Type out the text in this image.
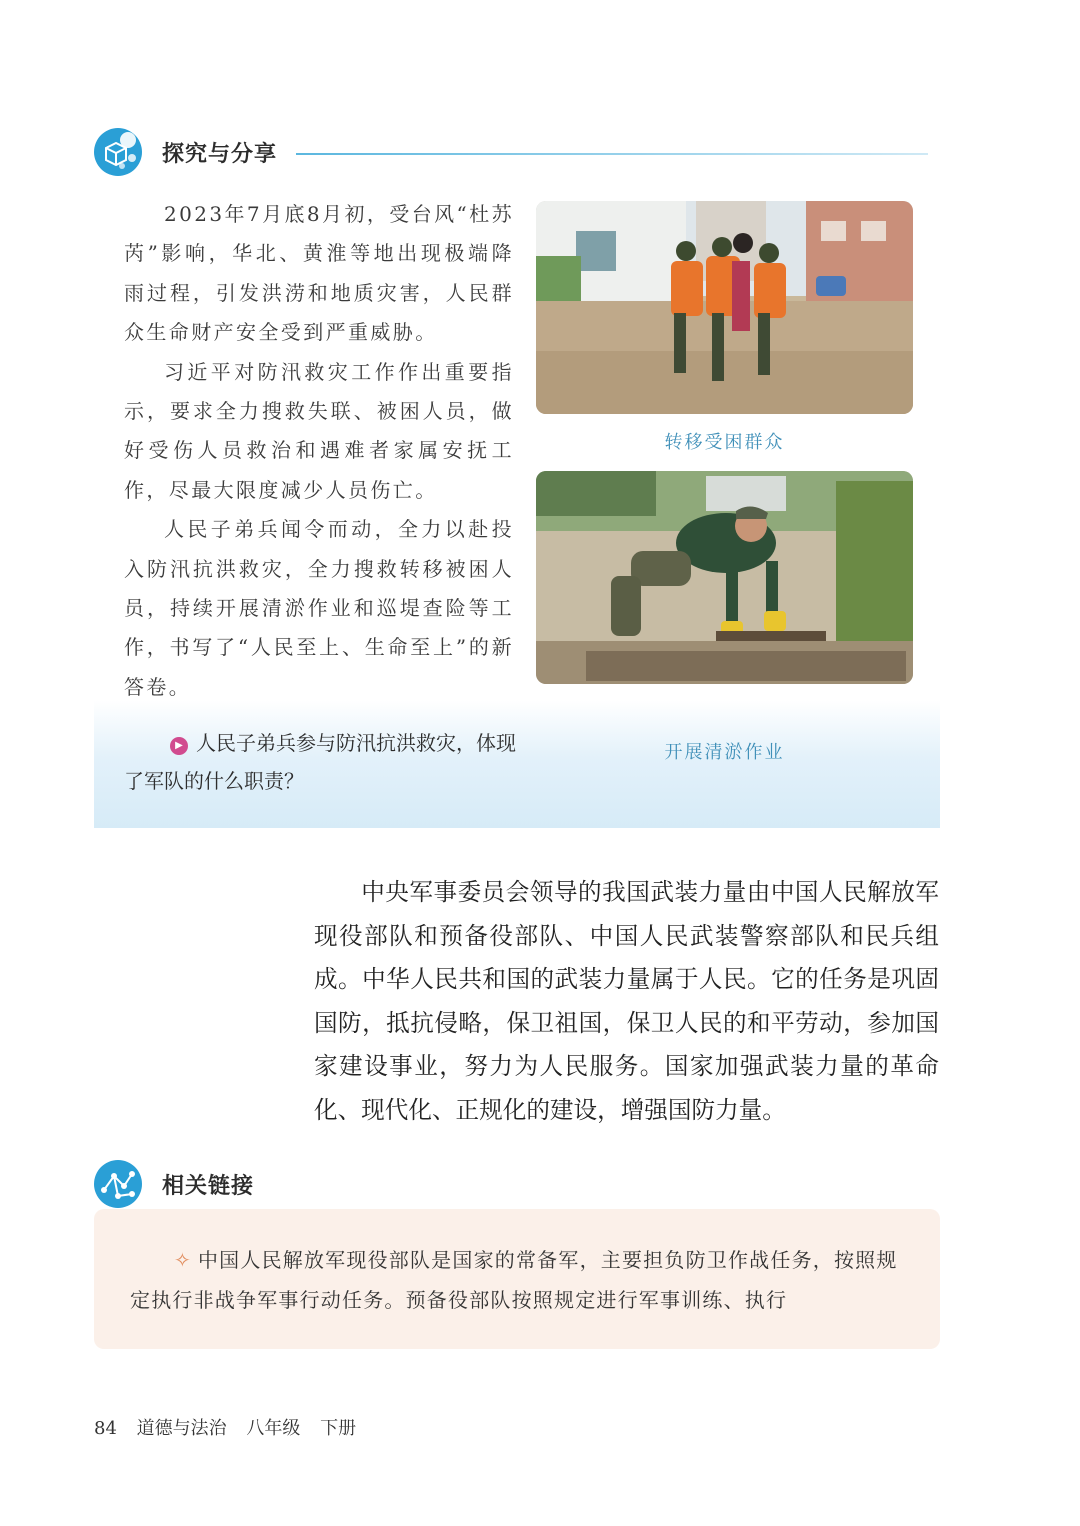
探究与分享

2023年7月底8月初，受台风“杜苏芮”影响，华北、黄淮等地出现极端降雨过程，引发洪涝和地质灾害，人民群众生命财产安全受到严重威胁。

习近平对防汛救灾工作作出重要指示，要求全力搜救失联、被困人员，做好受伤人员救治和遇难者家属安抚工作，尽最大限度减少人员伤亡。

人民子弟兵闻令而动，全力以赴投入防汛抗洪救灾，全力搜救转移被困人员，持续开展清淤作业和巡堤查险等工作，书写了“人民至上、生命至上”的新答卷。

▶ 人民子弟兵参与防汛抗洪救灾，体现了军队的什么职责？
转移受困群众
开展清淤作业

中央军事委员会领导的我国武装力量由中国人民解放军现役部队和预备役部队、中国人民武装警察部队和民兵组成。中华人民共和国的武装力量属于人民。它的任务是巩固国防，抵抗侵略，保卫祖国，保卫人民的和平劳动，参加国家建设事业，努力为人民服务。国家加强武装力量的革命化、现代化、正规化的建设，增强国防力量。

相关链接
✧ 中国人民解放军现役部队是国家的常备军，主要担负防卫作战任务，按照规定执行非战争军事行动任务。预备役部队按照规定进行军事训练、执行
84 道德与法治 八年级 下册
